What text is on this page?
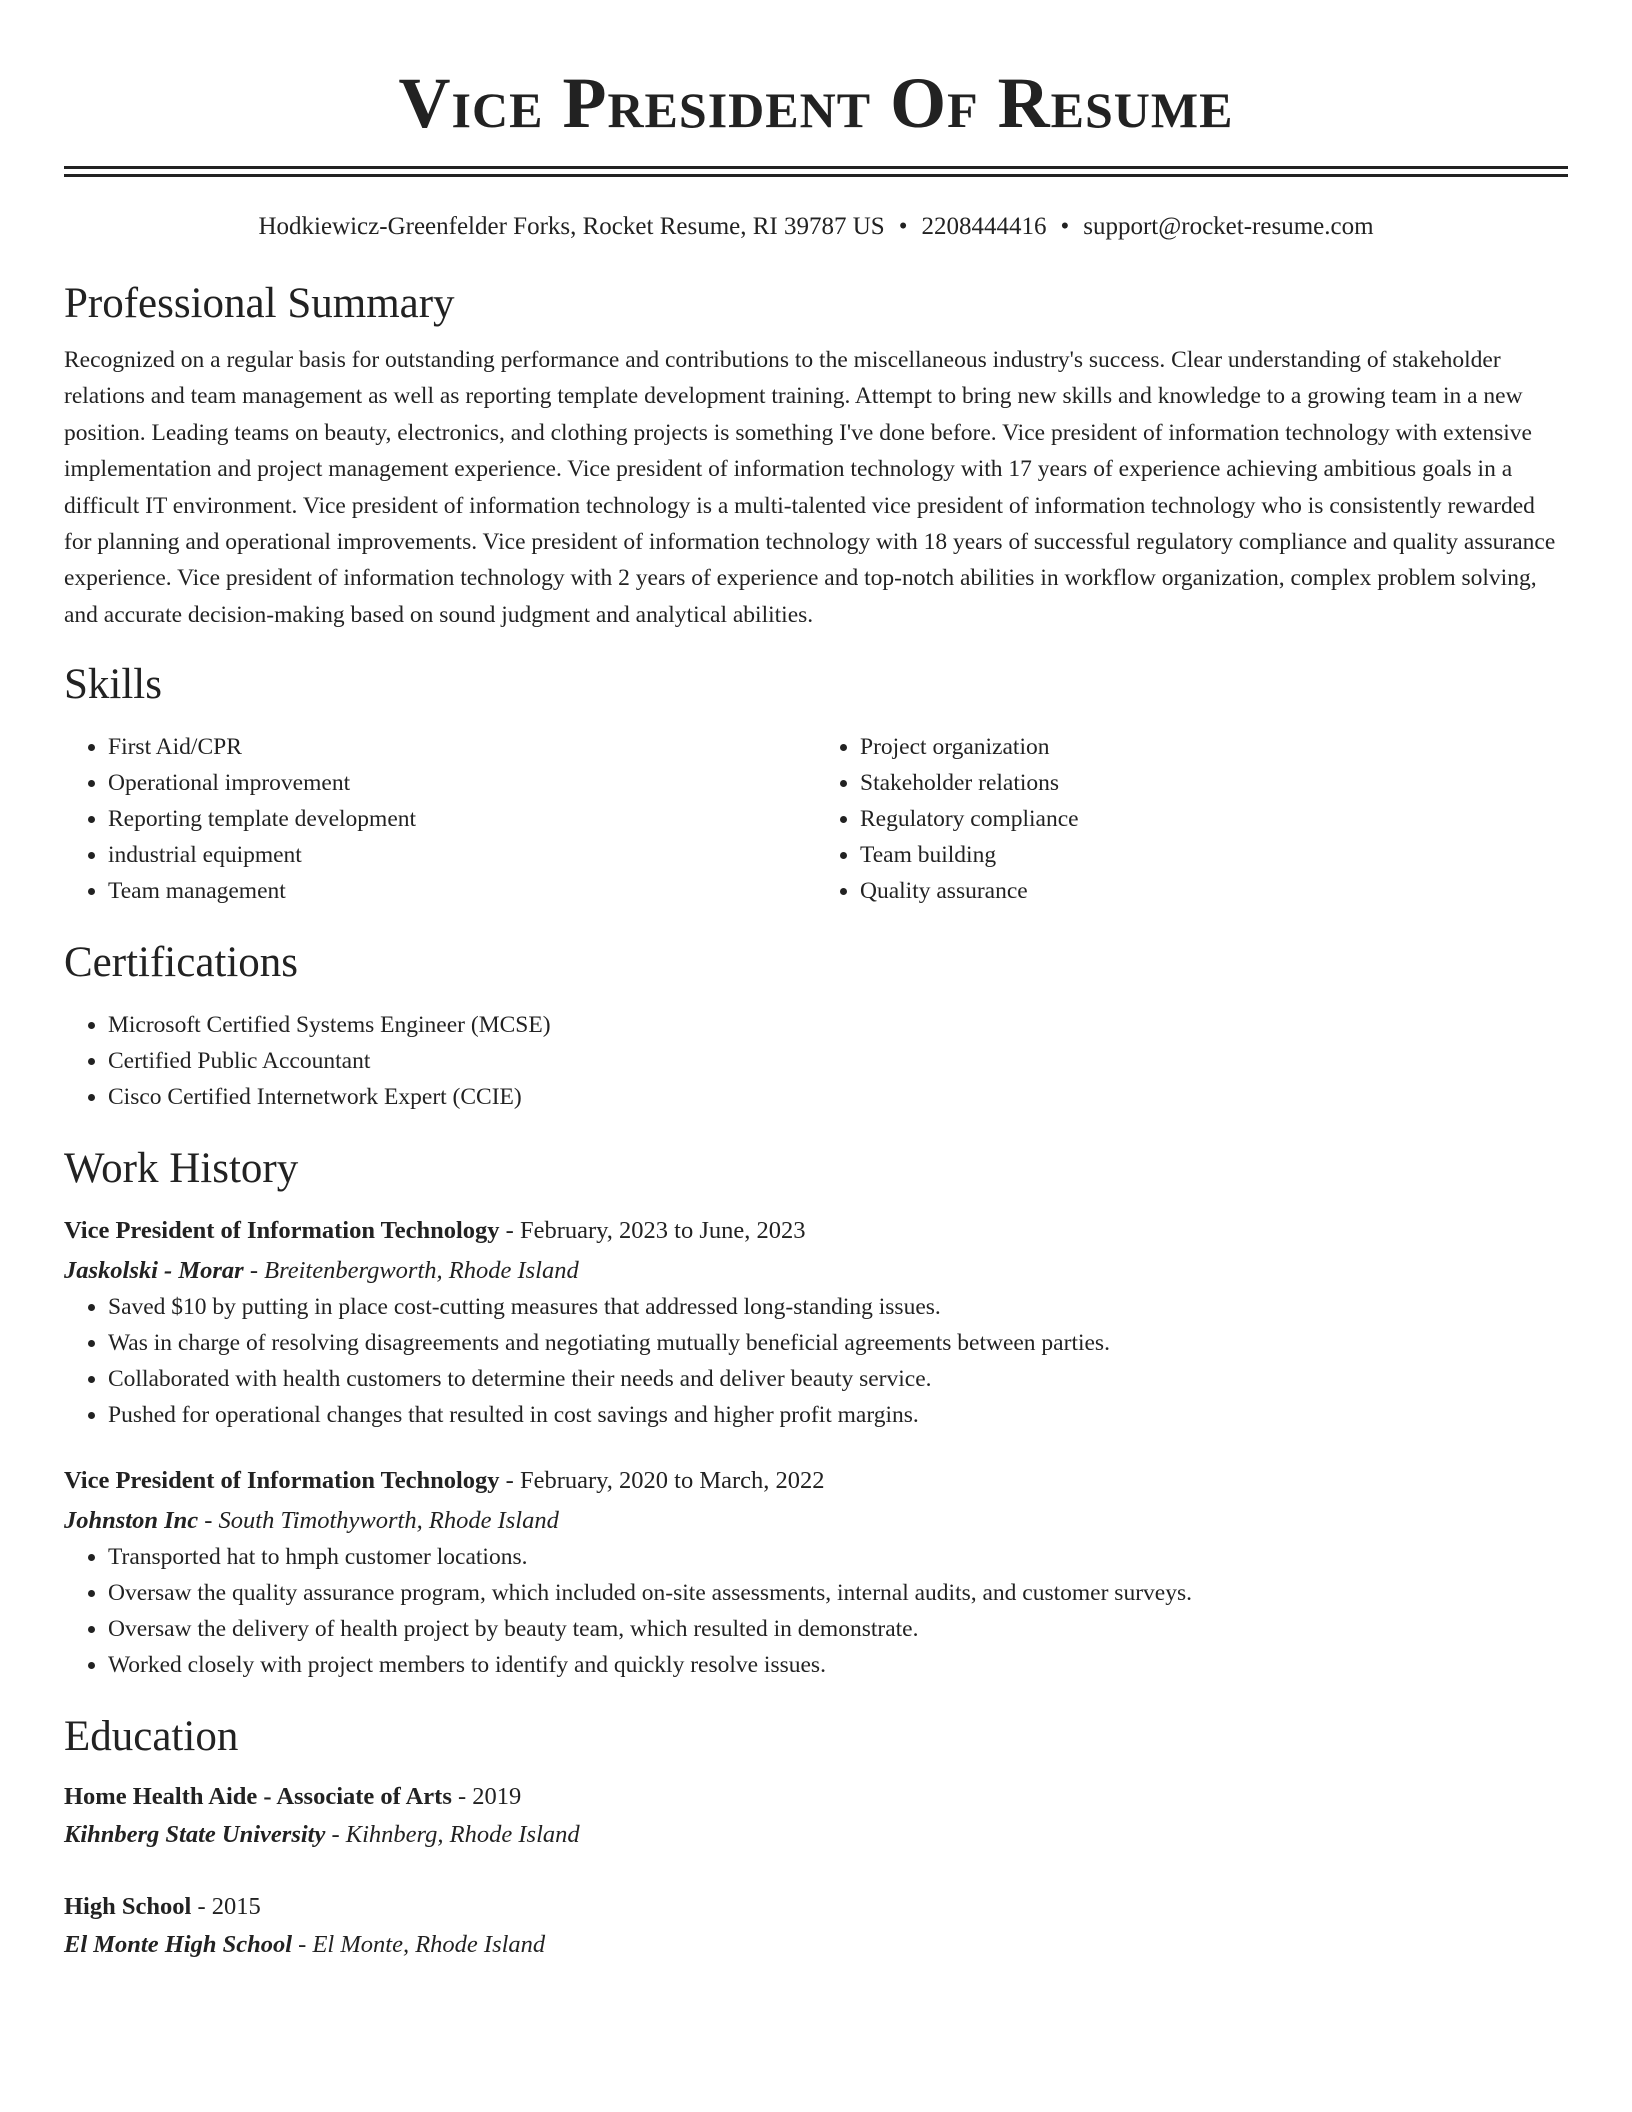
Vice President Of Resume
Hodkiewicz-Greenfelder Forks, Rocket Resume, RI 39787 US • 2208444416 • support@rocket-resume.com
Professional Summary

Recognized on a regular basis for outstanding performance and contributions to the miscellaneous industry's success. Clear understanding of stakeholder relations and team management as well as reporting template development training. Attempt to bring new skills and knowledge to a growing team in a new position. Leading teams on beauty, electronics, and clothing projects is something I've done before. Vice president of information technology with extensive implementation and project management experience. Vice president of information technology with 17 years of experience achieving ambitious goals in a difficult IT environment. Vice president of information technology is a multi-talented vice president of information technology who is consistently rewarded for planning and operational improvements. Vice president of information technology with 18 years of successful regulatory compliance and quality assurance experience. Vice president of information technology with 2 years of experience and top-notch abilities in workflow organization, complex problem solving, and accurate decision-making based on sound judgment and analytical abilities.

Skills
• First Aid/CPR
• Operational improvement
• Reporting template development
• industrial equipment
• Team management
• Project organization
• Stakeholder relations
• Regulatory compliance
• Team building
• Quality assurance
Certifications
• Microsoft Certified Systems Engineer (MCSE)
• Certified Public Accountant
• Cisco Certified Internetwork Expert (CCIE)
Work History
Vice President of Information Technology - February, 2023 to June, 2023
Jaskolski - Morar - Breitenbergworth, Rhode Island
• Saved $10 by putting in place cost-cutting measures that addressed long-standing issues.
• Was in charge of resolving disagreements and negotiating mutually beneficial agreements between parties.
• Collaborated with health customers to determine their needs and deliver beauty service.
• Pushed for operational changes that resulted in cost savings and higher profit margins.
Vice President of Information Technology - February, 2020 to March, 2022
Johnston Inc - South Timothyworth, Rhode Island
• Transported hat to hmph customer locations.
• Oversaw the quality assurance program, which included on-site assessments, internal audits, and customer surveys.
• Oversaw the delivery of health project by beauty team, which resulted in demonstrate.
• Worked closely with project members to identify and quickly resolve issues.
Education
Home Health Aide - Associate of Arts - 2019
Kihnberg State University - Kihnberg, Rhode Island
High School - 2015
El Monte High School - El Monte, Rhode Island
